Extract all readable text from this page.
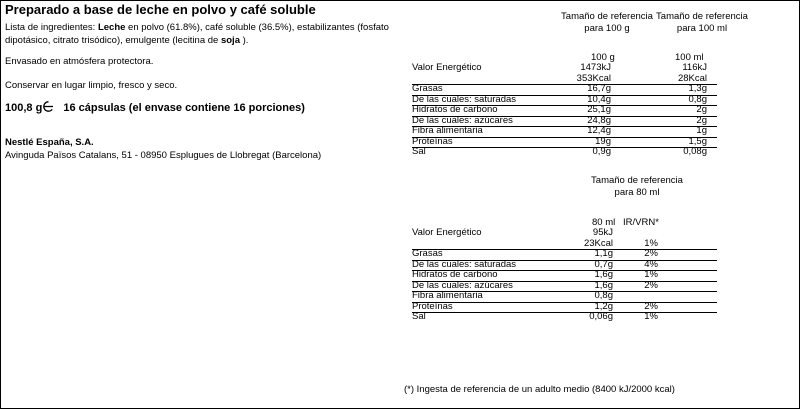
Preparado a base de leche en polvo y café soluble
Lista de ingredientes: Leche en polvo (61.8%), café soluble (36.5%), estabilizantes (fosfato
dipotásico, citrato trisódico), emulgente (lecitina de soja ).
Envasado en atmósfera protectora.
Conservar en lugar limpio, fresco y seco.
100,8 g 16 cápsulas (el envase contiene 16 porciones)
Nestlé España, S.A.
Avinguda Països Catalans, 51 - 08950 Esplugues de Llobregat (Barcelona)
Tamaño de referencia
para 100 g
Tamaño de referencia
para 100 ml
100 g	100 ml
Valor Energético	1473kJ	116kJ
353Kcal	28Kcal
Grasas	16,7g	1,3g
De las cuales: saturadas	10,4g	0,8g
Hidratos de carbono	25,1g	2g
De las cuales: azúcares	24,8g	2g
Fibra alimentaria	12,4g	1g
Proteínas	19g	1,5g
Sal	0,9g	0,08g
Tamaño de referencia
para 80 ml
80 ml IR/VRN*
Valor Energético	95kJ
23Kcal	1%
Grasas	1,1g	2%
De las cuales: saturadas	0,7g	4%
Hidratos de carbono	1,6g	1%
De las cuales: azúcares	1,6g	2%
Fibra alimentaria	0,8g
Proteínas	1,2g	2%
Sal	0,06g	1%
(*) Ingesta de referencia de un adulto medio (8400 kJ/2000 kcal)
